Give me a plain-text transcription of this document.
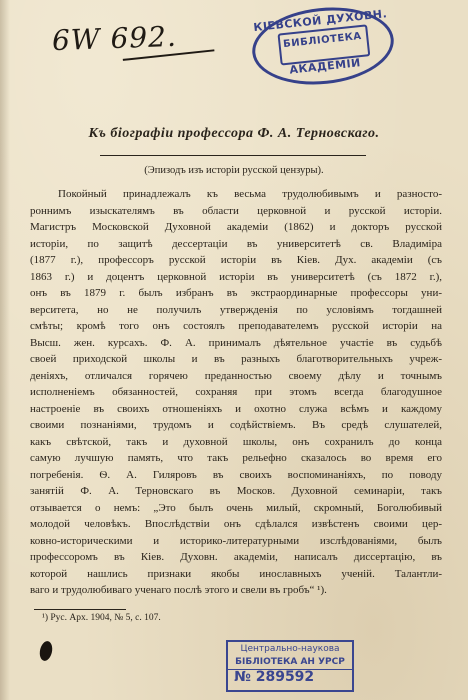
6W 692.	КІЕВСКОЙ ДУХОВН.
БИБЛІОТЕКА
АКАДЕМІИ
Къ біографіи профессора Ф. А. Терновскаго.
(Эпизодъ изъ исторіи русской цензуры).
Покойный принадлежалъ къ весьма трудолюбивымъ и разносто-
роннимъ изыскателямъ въ области церковной и русской исторіи.
Магистръ Московской Духовной академіи (1862) и докторъ русской
исторіи, по защитѣ дессертаціи въ университетѣ св. Владиміра
(1877 г.), профессоръ русской исторіи въ Кіев. Дух. академіи (съ
1863 г.) и доцентъ церковной исторіи въ университетѣ (съ 1872 г.),
онъ въ 1879 г. былъ избранъ въ экстраординарные профессоры уни-
верситета, но не получилъ утвержденія по условіямъ тогдашней
смѣты; кромѣ того онъ состоялъ преподавателемъ русской исторіи на
Высш. жен. курсахъ. Ф. А. принималъ дѣятельное участіе въ судьбѣ
своей приходской школы и въ разныхъ благотворительныхъ учреж-
деніяхъ, отличался горячею преданностью своему дѣлу и точнымъ
исполненіемъ обязанностей, сохраняя при этомъ всегда благодушное
настроеніе въ своихъ отношеніяхъ и охотно служа всѣмъ и каждому
своими познаніями, трудомъ и содѣйствіемъ. Въ средѣ слушателей,
какъ свѣтской, такъ и духовной школы, онъ сохранилъ до конца
самую лучшую память, что такъ рельефно сказалось во время его
погребенія. Ѳ. А. Гиляровъ въ своихъ воспоминаніяхъ, по поводу
занятій Ф. А. Терновскаго въ Москов. Духовной семинаріи, такъ
отзывается о немъ: „Это былъ очень милый, скромный, Боголюбивый
молодой человѣкъ. Впослѣдствіи онъ сдѣлался извѣстенъ своими цер-
ковно-историческими и историко-литературными изслѣдованіями, былъ
профессоромъ въ Кіев. Духовн. академіи, написалъ диссертацію, въ
которой нашлись признаки якобы инославныхъ ученій. Талантли-
ваго и трудолюбиваго ученаго послѣ этого и свели въ гробъ“ ¹).
¹) Рус. Арх. 1904, № 5, с. 107.
Центрально-наукова
БІБЛІОТЕКА АН УРСР
№ 289592
